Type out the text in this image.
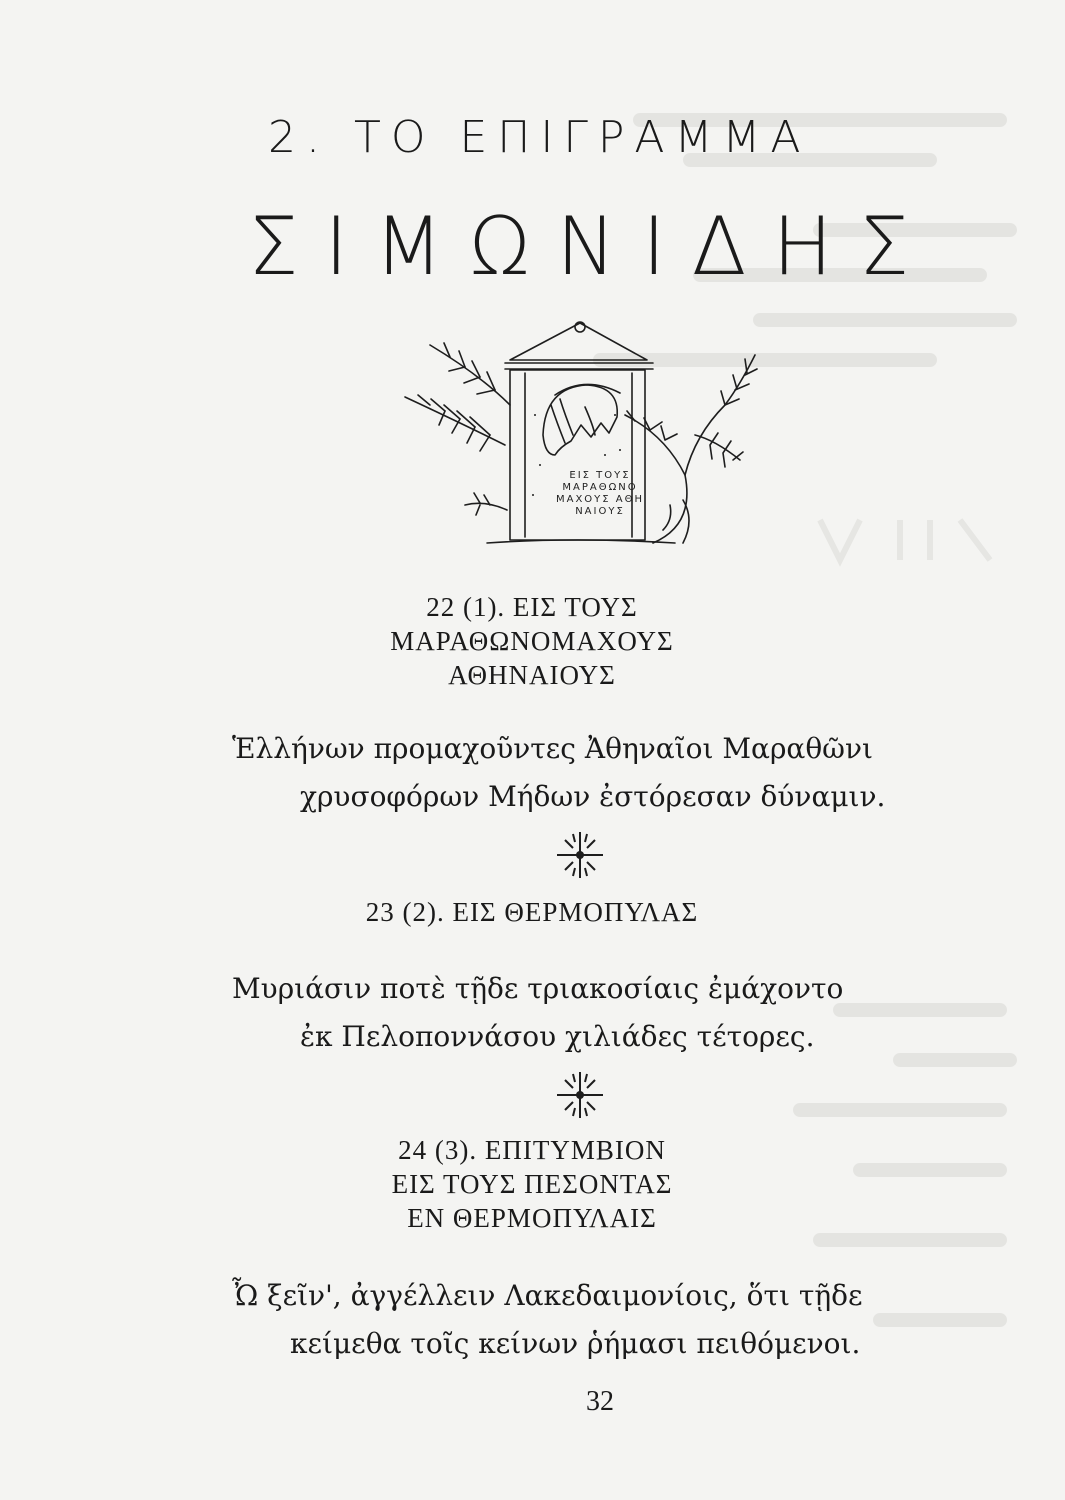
2. ΤΟ ΕΠΙΓΡΑΜΜΑ
ΣΙΜΩΝΙΔΗΣ
ΕΙΣ ΤΟΥΣ
ΜΑΡΑΘΩΝΟ
ΜΑΧΟΥΣ ΑΘΗ
ΝΑΙΟΥΣ
22 (1). ΕΙΣ ΤΟΥΣ
ΜΑΡΑΘΩΝΟΜΑΧΟΥΣ
ΑΘΗΝΑΙΟΥΣ
Ἑλλήνων προμαχοῦντες Ἀθηναῖοι Μαραθῶνι
χρυσοφόρων Μήδων ἐστόρεσαν δύναμιν.
23 (2). ΕΙΣ ΘΕΡΜΟΠΥΛΑΣ
Μυριάσιν ποτὲ τῇδε τριακοσίαις ἐμάχοντο
ἐκ Πελοποννάσου χιλιάδες τέτορες.
24 (3). ΕΠΙΤΥΜΒΙΟΝ
ΕΙΣ ΤΟΥΣ ΠΕΣΟΝΤΑΣ
ΕΝ ΘΕΡΜΟΠΥΛΑΙΣ
Ὦ ξεῖν', ἀγγέλλειν Λακεδαιμονίοις, ὅτι τῇδε
κείμεθα τοῖς κείνων ῥήμασι πειθόμενοι.
32
